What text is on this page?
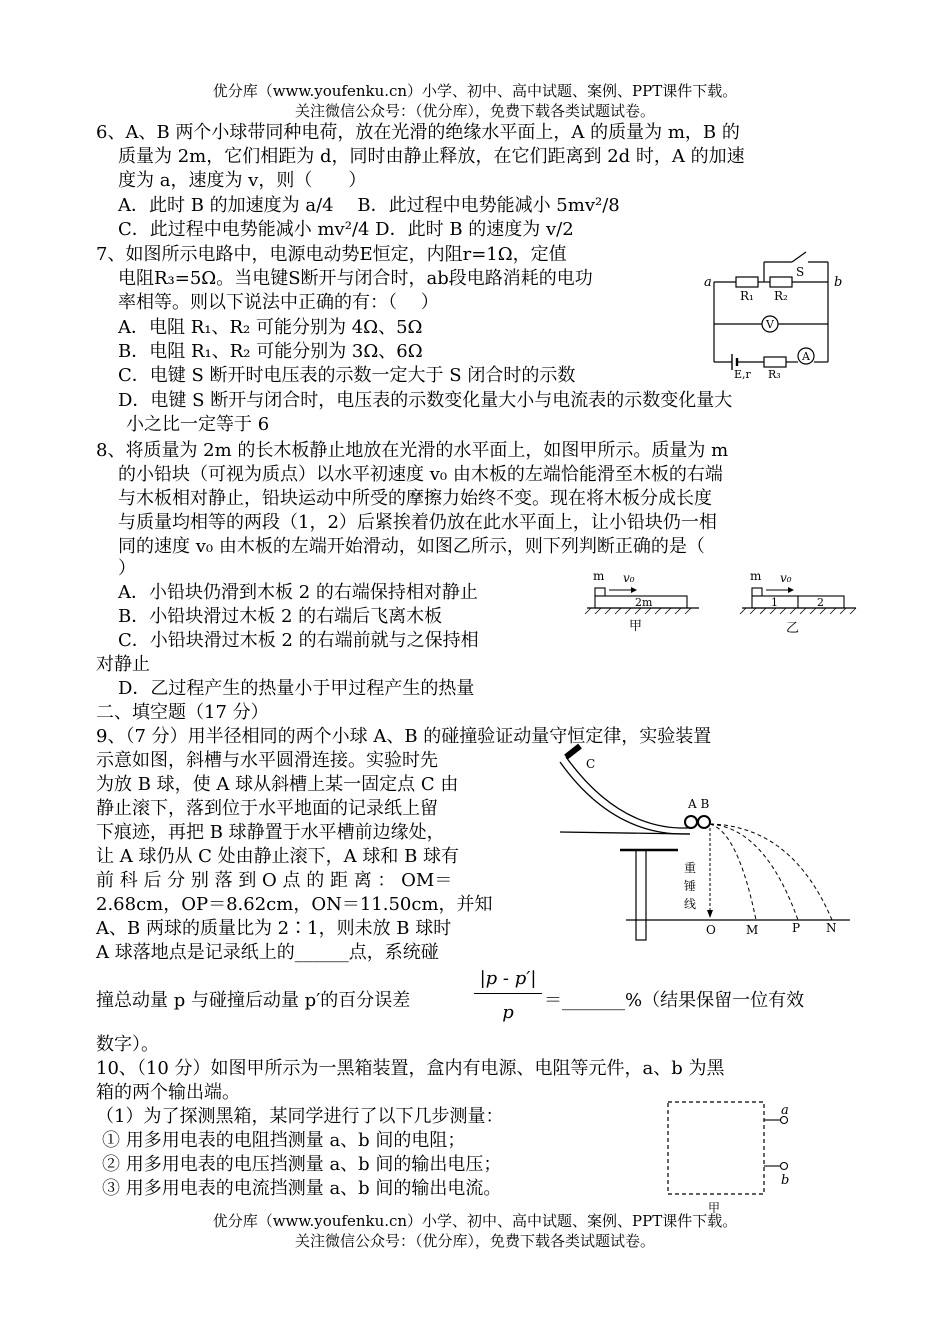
优分库（www.youfenku.cn）小学、初中、高中试题、案例、PPT课件下载。
关注微信公众号：（优分库），免费下载各类试题试卷。
6、A、B 两个小球带同种电荷，放在光滑的绝缘水平面上，A 的质量为 m，B 的
质量为 2m，它们相距为 d，同时由静止释放，在它们距离到 2d 时，A 的加速
度为 a，速度为 v，则（　　）
A．此时 B 的加速度为 a/4　 B．此过程中电势能减小 5mv²/8
C．此过程中电势能减小 mv²/4 D．此时 B 的速度为 v/2
7、如图所示电路中，电源电动势E恒定，内阻r=1Ω，定值
电阻R₃=5Ω。当电键S断开与闭合时，ab段电路消耗的电功
率相等。则以下说法中正确的有：（　 ）
A．电阻 R₁、R₂ 可能分别为 4Ω、5Ω
B．电阻 R₁、R₂ 可能分别为 3Ω、6Ω
C．电键 S 断开时电压表的示数一定大于 S 闭合时的示数
D．电键 S 断开与闭合时，电压表的示数变化量大小与电流表的示数变化量大
小之比一定等于 6
a	b
R₁ R₂
S
V
E,r R₃
A
8、将质量为 2m 的长木板静止地放在光滑的水平面上，如图甲所示。质量为 m
的小铅块（可视为质点）以水平初速度 v₀ 由木板的左端恰能滑至木板的右端
与木板相对静止，铅块运动中所受的摩擦力始终不变。现在将木板分成长度
与质量均相等的两段（1，2）后紧挨着仍放在此水平面上，让小铅块仍一相
同的速度 v₀ 由木板的左端开始滑动，如图乙所示，则下列判断正确的是（
）
A．小铅块仍滑到木板 2 的右端保持相对静止
B．小铅块滑过木板 2 的右端后飞离木板
C．小铅块滑过木板 2 的右端前就与之保持相
对静止
D．乙过程产生的热量小于甲过程产生的热量
m v₀
2m
甲
m v₀
1	2
乙
二、填空题（17 分）
9、（7 分）用半径相同的两个小球 A、B 的碰撞验证动量守恒定律，实验装置
示意如图，斜槽与水平圆滑连接。实验时先
为放 B 球，使 A 球从斜槽上某一固定点 C 由
静止滚下，落到位于水平地面的记录纸上留
下痕迹，再把 B 球静置于水平槽前边缘处，
让 A 球仍从 C 处由静止滚下，A 球和 B 球有
前 科 后 分 别 落 到 O 点 的 距 离 ： OM＝
2.68cm，OP＝8.62cm，ON＝11.50cm，并知
A、B 两球的质量比为 2∶1，则未放 B 球时
A 球落地点是记录纸上的______点，系统碰
撞总动量 p 与碰撞后动量 p′的百分误差	$\frac{|p - p'|}{p}$ ＝_______%（结果保留一位有效
数字）。
C
A B
重
锤
线
O	M	P N
10、（10 分）如图甲所示为一黑箱装置，盒内有电源、电阻等元件，a、b 为黑
箱的两个输出端。
（1）为了探测黑箱，某同学进行了以下几步测量：
① 用多用电表的电阻挡测量 a、b 间的电阻；
② 用多用电表的电压挡测量 a、b 间的输出电压；
③ 用多用电表的电流挡测量 a、b 间的输出电流。
a
b
甲
优分库（www.youfenku.cn）小学、初中、高中试题、案例、PPT课件下载。
关注微信公众号：（优分库），免费下载各类试题试卷。
